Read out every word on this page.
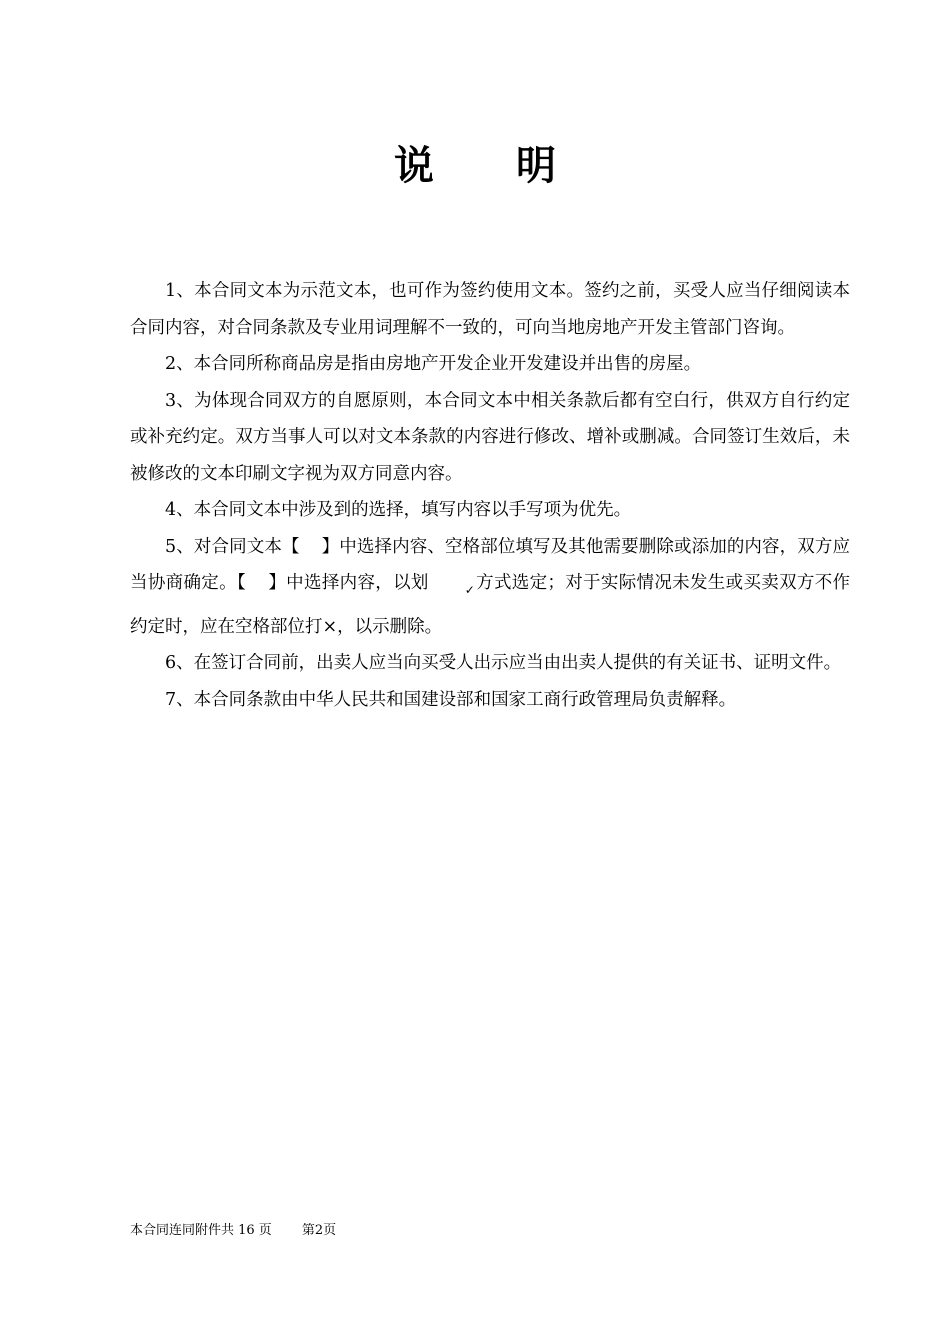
说 明

1、本合同文本为示范文本，也可作为签约使用文本。签约之前，买受人应当仔细阅读本合同内容，对合同条款及专业用词理解不一致的，可向当地房地产开发主管部门咨询。

2、本合同所称商品房是指由房地产开发企业开发建设并出售的房屋。

3、为体现合同双方的自愿原则，本合同文本中相关条款后都有空白行，供双方自行约定或补充约定。双方当事人可以对文本条款的内容进行修改、增补或删减。合同签订生效后，未被修改的文本印刷文字视为双方同意内容。

4、本合同文本中涉及到的选择，填写内容以手写项为优先。

5、对合同文本【 】中选择内容、空格部位填写及其他需要删除或添加的内容，双方应当协商确定。【 】中选择内容，以划	✓方式选定；对于实际情况未发生或买卖双方不作约定时，应在空格部位打×，以示删除。

6、在签订合同前，出卖人应当向买受人出示应当由出卖人提供的有关证书、证明文件。

7、本合同条款由中华人民共和国建设部和国家工商行政管理局负责解释。

本合同连同附件共 16 页 第2页
